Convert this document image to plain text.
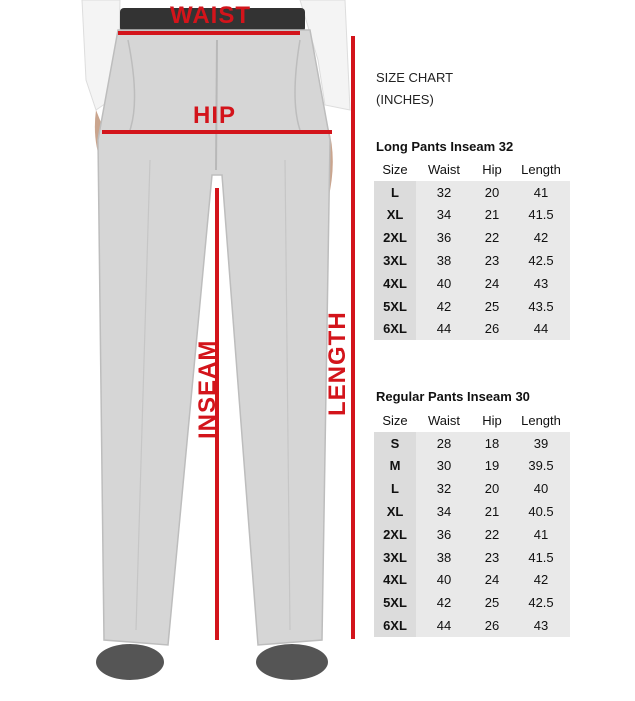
WAIST
HIP
INSEAM	LENGTH
SIZE CHART
(INCHES)
Long Pants Inseam 32
Size	Waist	Hip	Length
L	32	20	41
XL	34	21	41.5
2XL	36	22	42
3XL	38	23	42.5
4XL	40	24	43
5XL	42	25	43.5
6XL	44	26	44
Regular Pants Inseam 30
Size	Waist	Hip	Length
S	28	18	39
M	30	19	39.5
L	32	20	40
XL	34	21	40.5
2XL	36	22	41
3XL	38	23	41.5
4XL	40	24	42
5XL	42	25	42.5
6XL	44	26	43
